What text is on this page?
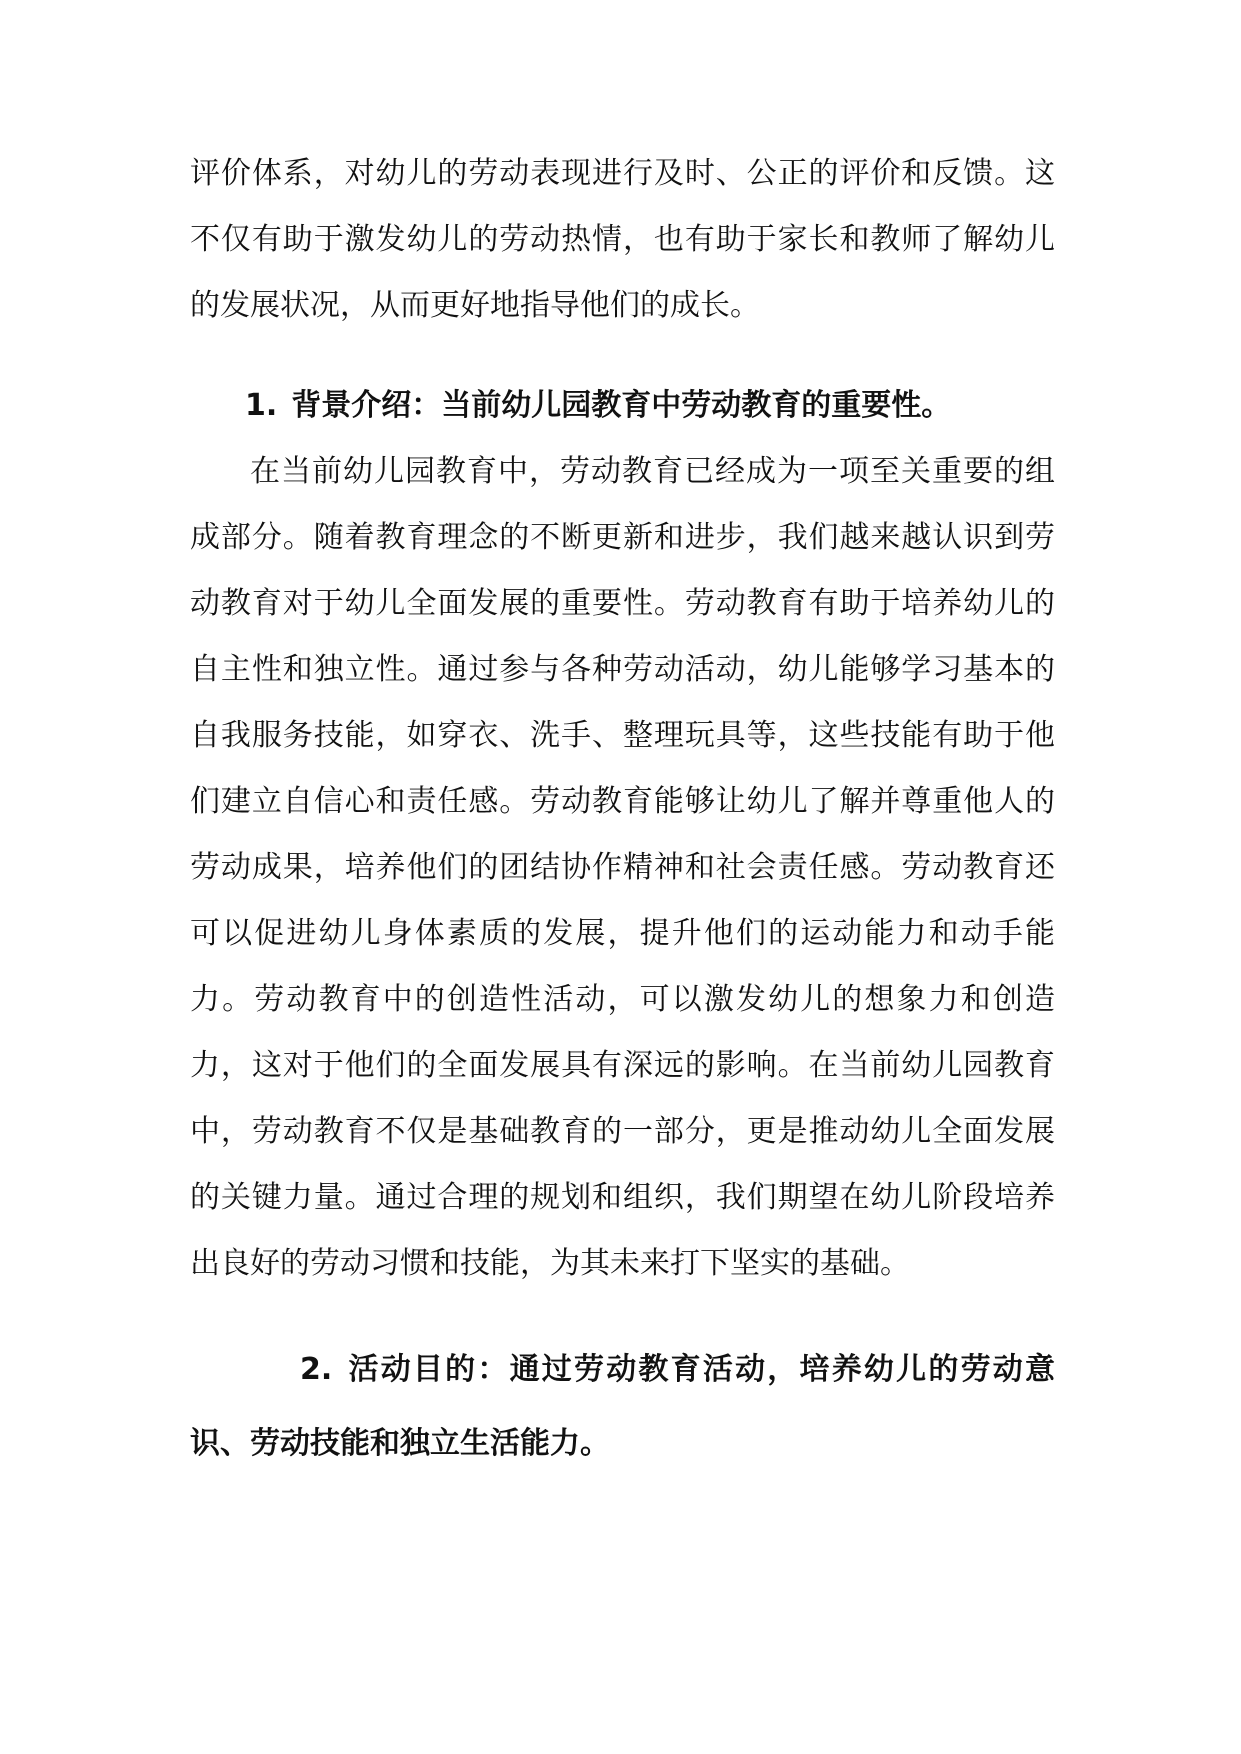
评价体系，对幼儿的劳动表现进行及时、公正的评价和反馈。这不仅有助于激发幼儿的劳动热情，也有助于家长和教师了解幼儿的发展状况，从而更好地指导他们的成长。

1. 背景介绍：当前幼儿园教育中劳动教育的重要性。

在当前幼儿园教育中，劳动教育已经成为一项至关重要的组成部分。随着教育理念的不断更新和进步，我们越来越认识到劳动教育对于幼儿全面发展的重要性。劳动教育有助于培养幼儿的自主性和独立性。通过参与各种劳动活动，幼儿能够学习基本的自我服务技能，如穿衣、洗手、整理玩具等，这些技能有助于他们建立自信心和责任感。劳动教育能够让幼儿了解并尊重他人的劳动成果，培养他们的团结协作精神和社会责任感。劳动教育还可以促进幼儿身体素质的发展，提升他们的运动能力和动手能力。劳动教育中的创造性活动，可以激发幼儿的想象力和创造力，这对于他们的全面发展具有深远的影响。在当前幼儿园教育中，劳动教育不仅是基础教育的一部分，更是推动幼儿全面发展的关键力量。通过合理的规划和组织，我们期望在幼儿阶段培养出良好的劳动习惯和技能，为其未来打下坚实的基础。

2. 活动目的：通过劳动教育活动，培养幼儿的劳动意识、劳动技能和独立生活能力。
